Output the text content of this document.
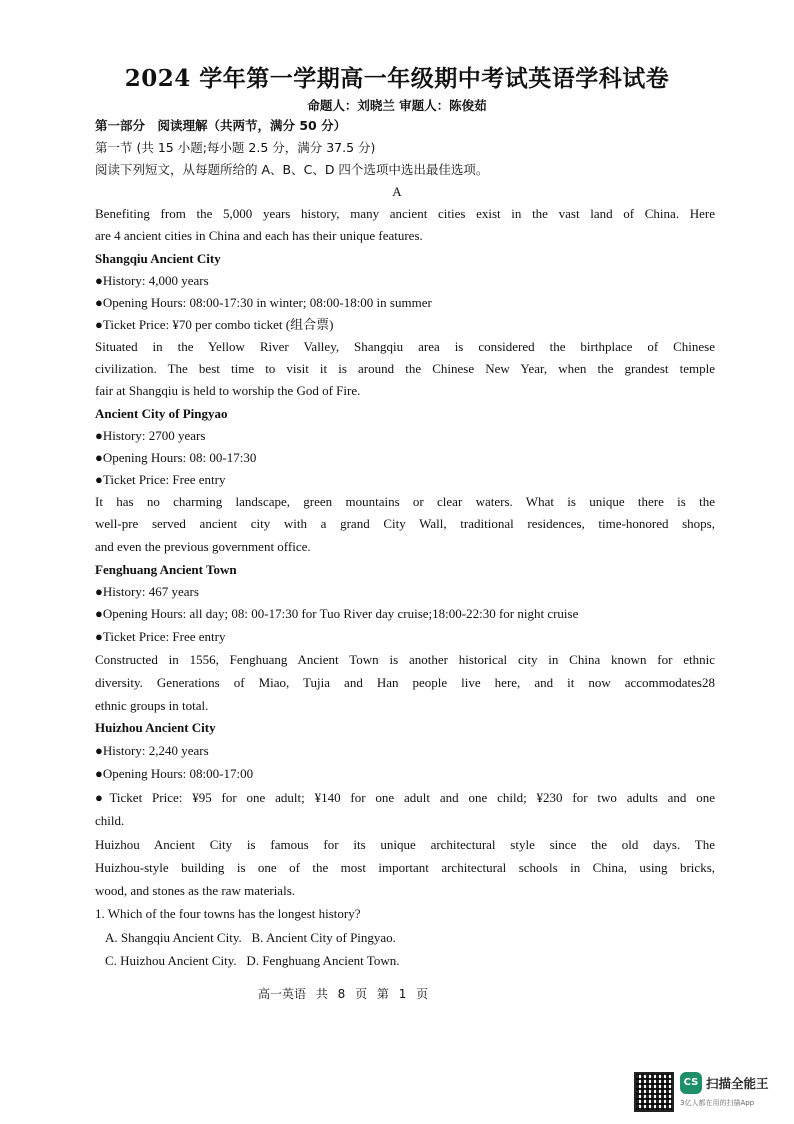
2024 学年第一学期高一年级期中考试英语学科试卷
命题人：刘晓兰 审题人：陈俊茹
第一部分　阅读理解（共两节，满分 50 分）
第一节 (共 15 小题;每小题 2.5 分，满分 37.5 分)
阅读下列短文，从每题所给的 A、B、C、D 四个选项中选出最佳选项。
A
Benefiting from the 5,000 years history, many ancient cities exist in the vast land of China. Here
are 4 ancient cities in China and each has their unique features.
Shangqiu Ancient City
●History: 4,000 years
●Opening Hours: 08:00-17:30 in winter; 08:00-18:00 in summer
●Ticket Price: ¥70 per combo ticket (组合票)
Situated in the Yellow River Valley, Shangqiu area is considered the birthplace of Chinese
civilization. The best time to visit it is around the Chinese New Year, when the grandest temple
fair at Shangqiu is held to worship the God of Fire.
Ancient City of Pingyao
●History: 2700 years
●Opening Hours: 08: 00-17:30
●Ticket Price: Free entry
It has no charming landscape, green mountains or clear waters. What is unique there is the
well-pre served ancient city with a grand City Wall, traditional residences, time-honored shops,
and even the previous government office.
Fenghuang Ancient Town
●History: 467 years
●Opening Hours: all day; 08: 00-17:30 for Tuo River day cruise;18:00-22:30 for night cruise
●Ticket Price: Free entry
Constructed in 1556, Fenghuang Ancient Town is another historical city in China known for ethnic
diversity. Generations of Miao, Tujia and Han people live here, and it now accommodates28
ethnic groups in total.
Huizhou Ancient City
●History: 2,240 years
●Opening Hours: 08:00-17:00
●Ticket Price: ¥95 for one adult; ¥140 for one adult and one child; ¥230 for two adults and one
child.
Huizhou Ancient City is famous for its unique architectural style since the old days. The
Huizhou-style building is one of the most important architectural schools in China, using bricks,
wood, and stones as the raw materials.
1. Which of the four towns has the longest history?
A. Shangqiu Ancient City.   B. Ancient City of Pingyao.
C. Huizhou Ancient City.   D. Fenghuang Ancient Town.
高一英语 共 8 页 第 1 页
CS 扫描全能王
3亿人都在用的扫描App
